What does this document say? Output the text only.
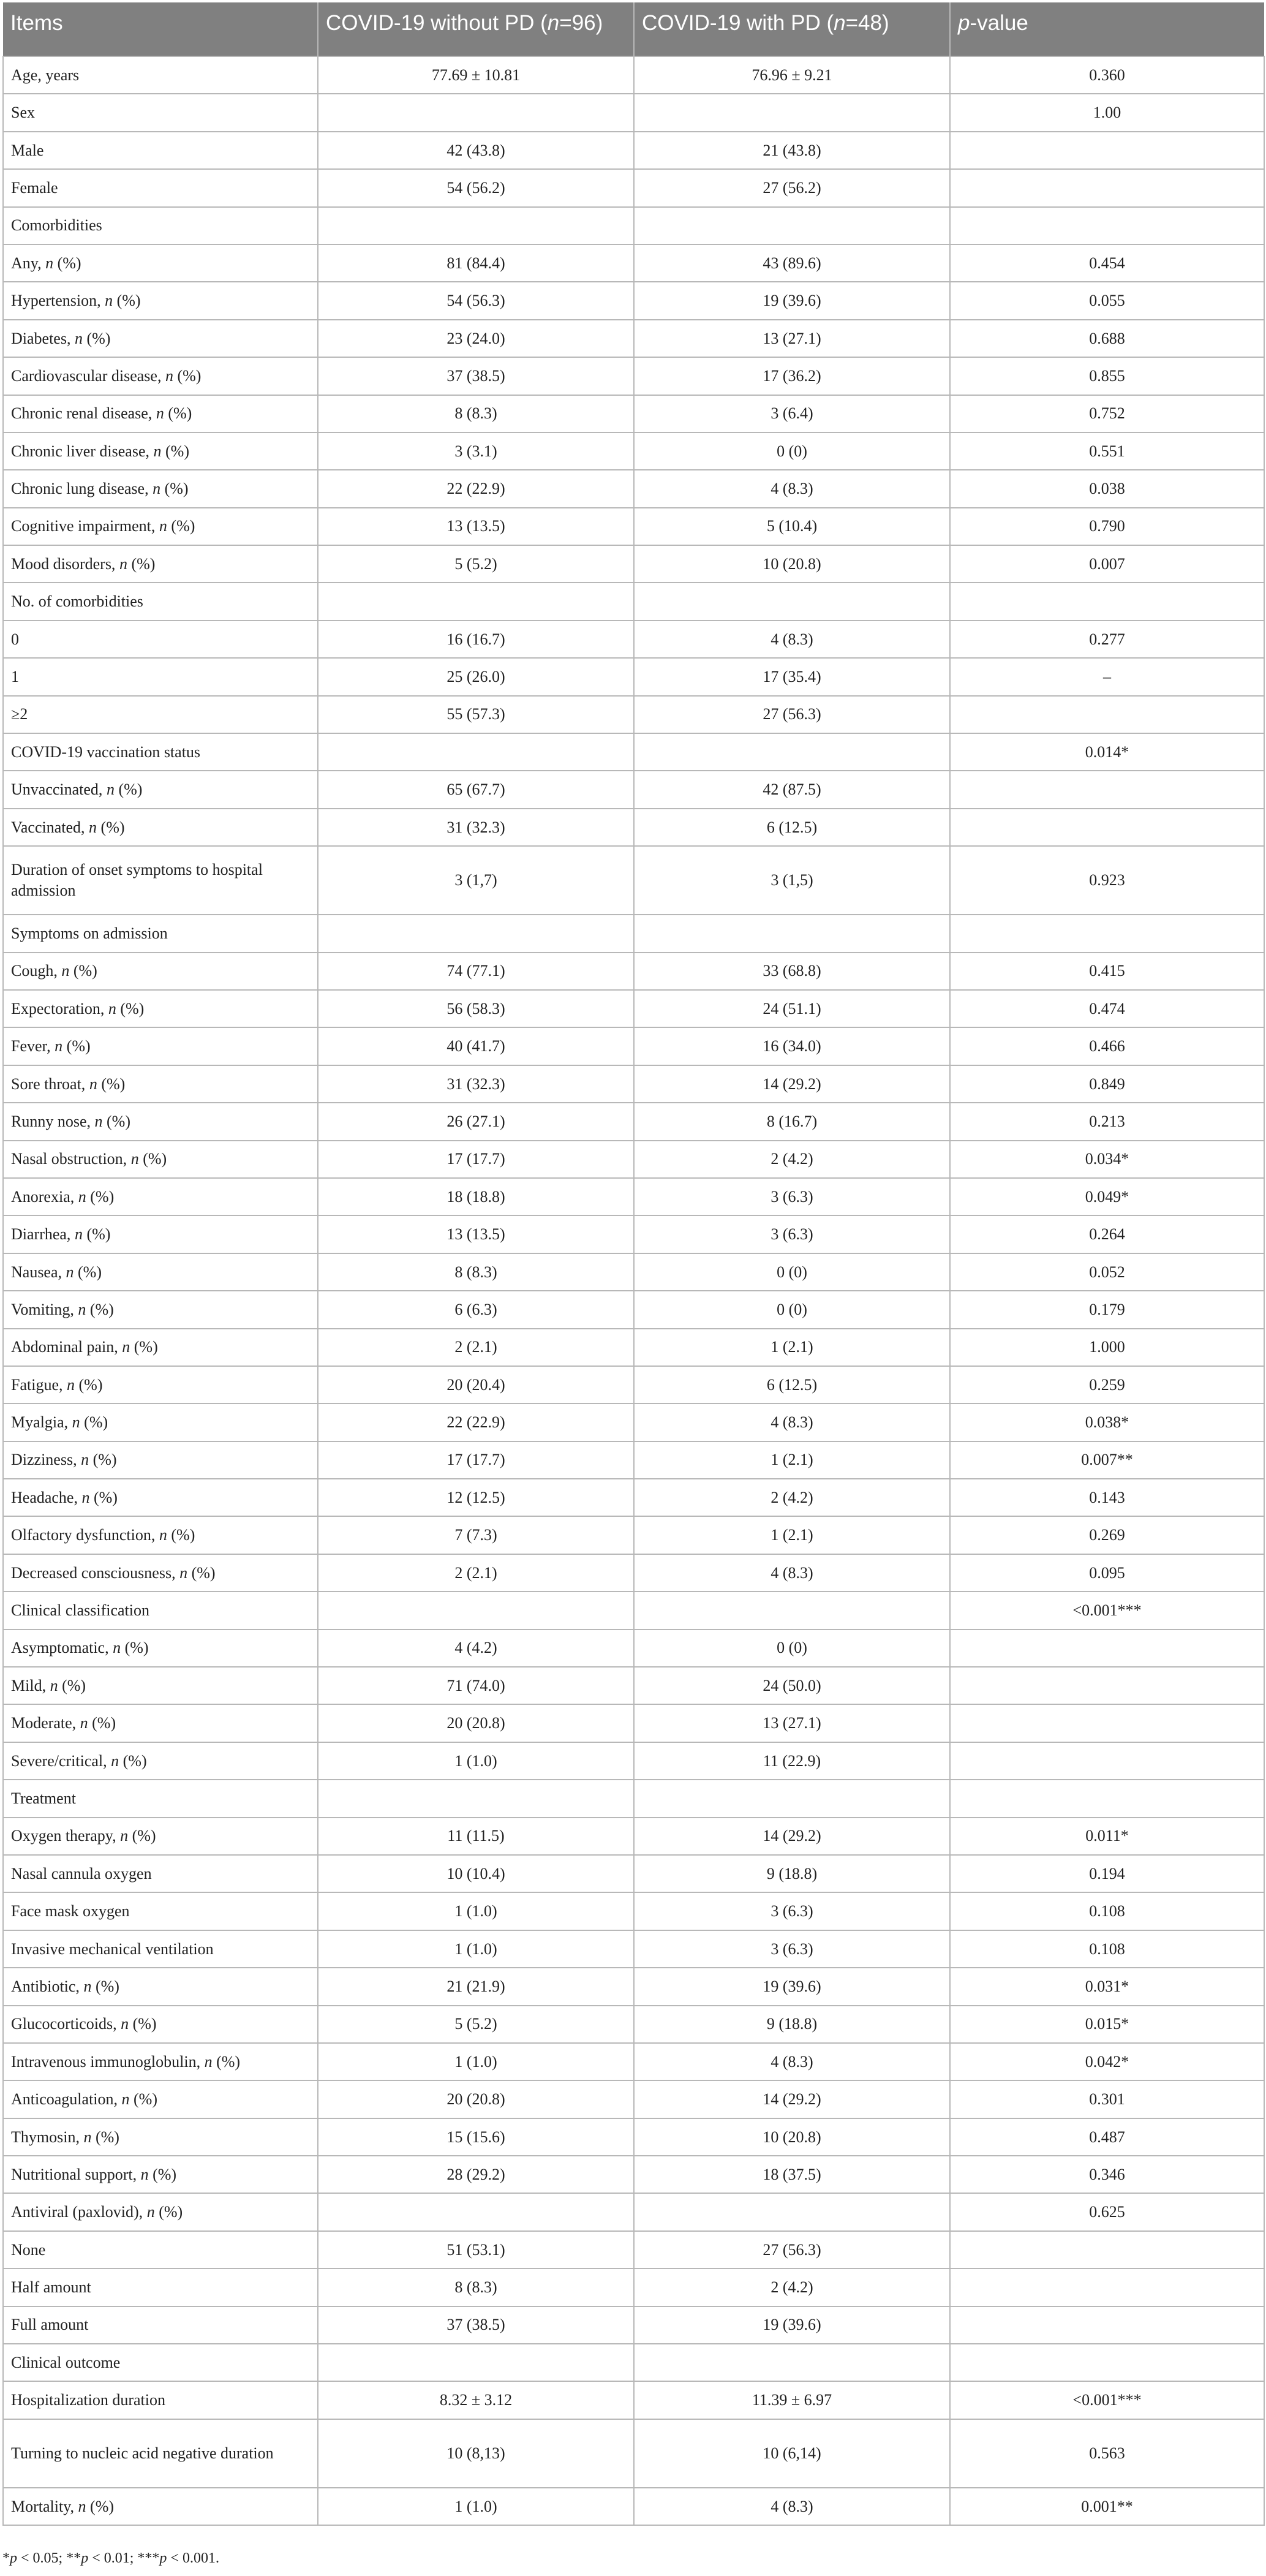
Items	COVID-19 without PD (n=96)	COVID-19 with PD (n=48)	p-value
Age, years	77.69 ± 10.81	76.96 ± 9.21	0.360
Sex			1.00
Male	42 (43.8)	21 (43.8)	
Female	54 (56.2)	27 (56.2)	
Comorbidities			
Any, n (%)	81 (84.4)	43 (89.6)	0.454
Hypertension, n (%)	54 (56.3)	19 (39.6)	0.055
Diabetes, n (%)	23 (24.0)	13 (27.1)	0.688
Cardiovascular disease, n (%)	37 (38.5)	17 (36.2)	0.855
Chronic renal disease, n (%)	8 (8.3)	3 (6.4)	0.752
Chronic liver disease, n (%)	3 (3.1)	0 (0)	0.551
Chronic lung disease, n (%)	22 (22.9)	4 (8.3)	0.038
Cognitive impairment, n (%)	13 (13.5)	5 (10.4)	0.790
Mood disorders, n (%)	5 (5.2)	10 (20.8)	0.007
No. of comorbidities			
0	16 (16.7)	4 (8.3)	0.277
1	25 (26.0)	17 (35.4)	–
≥2	55 (57.3)	27 (56.3)	
COVID-19 vaccination status			0.014*
Unvaccinated, n (%)	65 (67.7)	42 (87.5)	
Vaccinated, n (%)	31 (32.3)	6 (12.5)	
Duration of onset symptoms to hospital admission	3 (1,7)	3 (1,5)	0.923
Symptoms on admission			
Cough, n (%)	74 (77.1)	33 (68.8)	0.415
Expectoration, n (%)	56 (58.3)	24 (51.1)	0.474
Fever, n (%)	40 (41.7)	16 (34.0)	0.466
Sore throat, n (%)	31 (32.3)	14 (29.2)	0.849
Runny nose, n (%)	26 (27.1)	8 (16.7)	0.213
Nasal obstruction, n (%)	17 (17.7)	2 (4.2)	0.034*
Anorexia, n (%)	18 (18.8)	3 (6.3)	0.049*
Diarrhea, n (%)	13 (13.5)	3 (6.3)	0.264
Nausea, n (%)	8 (8.3)	0 (0)	0.052
Vomiting, n (%)	6 (6.3)	0 (0)	0.179
Abdominal pain, n (%)	2 (2.1)	1 (2.1)	1.000
Fatigue, n (%)	20 (20.4)	6 (12.5)	0.259
Myalgia, n (%)	22 (22.9)	4 (8.3)	0.038*
Dizziness, n (%)	17 (17.7)	1 (2.1)	0.007**
Headache, n (%)	12 (12.5)	2 (4.2)	0.143
Olfactory dysfunction, n (%)	7 (7.3)	1 (2.1)	0.269
Decreased consciousness, n (%)	2 (2.1)	4 (8.3)	0.095
Clinical classification			<0.001***
Asymptomatic, n (%)	4 (4.2)	0 (0)	
Mild, n (%)	71 (74.0)	24 (50.0)	
Moderate, n (%)	20 (20.8)	13 (27.1)	
Severe/critical, n (%)	1 (1.0)	11 (22.9)	
Treatment			
Oxygen therapy, n (%)	11 (11.5)	14 (29.2)	0.011*
Nasal cannula oxygen	10 (10.4)	9 (18.8)	0.194
Face mask oxygen	1 (1.0)	3 (6.3)	0.108
Invasive mechanical ventilation	1 (1.0)	3 (6.3)	0.108
Antibiotic, n (%)	21 (21.9)	19 (39.6)	0.031*
Glucocorticoids, n (%)	5 (5.2)	9 (18.8)	0.015*
Intravenous immunoglobulin, n (%)	1 (1.0)	4 (8.3)	0.042*
Anticoagulation, n (%)	20 (20.8)	14 (29.2)	0.301
Thymosin, n (%)	15 (15.6)	10 (20.8)	0.487
Nutritional support, n (%)	28 (29.2)	18 (37.5)	0.346
Antiviral (paxlovid), n (%)			0.625
None	51 (53.1)	27 (56.3)	
Half amount	8 (8.3)	2 (4.2)	
Full amount	37 (38.5)	19 (39.6)	
Clinical outcome			
Hospitalization duration	8.32 ± 3.12	11.39 ± 6.97	<0.001***
Turning to nucleic acid negative duration	10 (8,13)	10 (6,14)	0.563
Mortality, n (%)	1 (1.0)	4 (8.3)	0.001**
*p < 0.05; **p < 0.01; ***p < 0.001.
